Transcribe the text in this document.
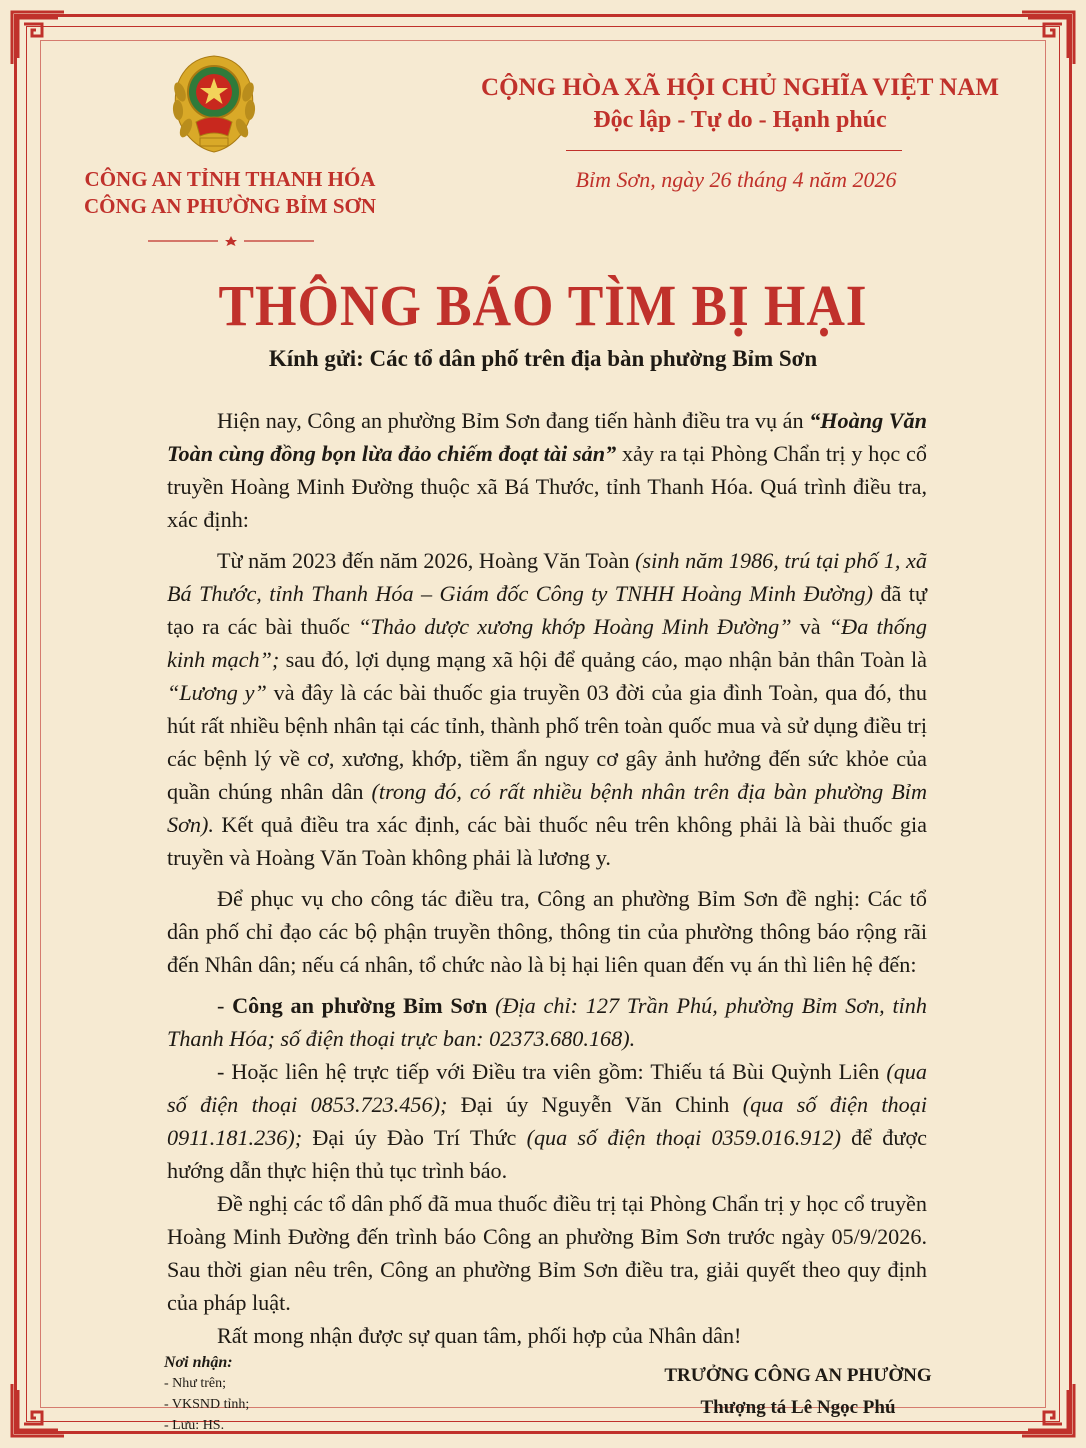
CÔNG AN TỈNH THANH HÓA
CÔNG AN PHƯỜNG BỈM SƠN
CỘNG HÒA XÃ HỘI CHỦ NGHĨA VIỆT NAM
Độc lập - Tự do - Hạnh phúc
Bỉm Sơn, ngày 26 tháng 4 năm 2026
THÔNG BÁO TÌM BỊ HẠI
Kính gửi: Các tổ dân phố trên địa bàn phường Bỉm Sơn

Hiện nay, Công an phường Bỉm Sơn đang tiến hành điều tra vụ án “Hoàng Văn Toàn cùng đồng bọn lừa đảo chiếm đoạt tài sản” xảy ra tại Phòng Chẩn trị y học cổ truyền Hoàng Minh Đường thuộc xã Bá Thước, tỉnh Thanh Hóa. Quá trình điều tra, xác định:

Từ năm 2023 đến năm 2026, Hoàng Văn Toàn (sinh năm 1986, trú tại phố 1, xã Bá Thước, tỉnh Thanh Hóa – Giám đốc Công ty TNHH Hoàng Minh Đường) đã tự tạo ra các bài thuốc “Thảo dược xương khớp Hoàng Minh Đường” và “Đa thống kinh mạch”; sau đó, lợi dụng mạng xã hội để quảng cáo, mạo nhận bản thân Toàn là “Lương y” và đây là các bài thuốc gia truyền 03 đời của gia đình Toàn, qua đó, thu hút rất nhiều bệnh nhân tại các tỉnh, thành phố trên toàn quốc mua và sử dụng điều trị các bệnh lý về cơ, xương, khớp, tiềm ẩn nguy cơ gây ảnh hưởng đến sức khỏe của quần chúng nhân dân (trong đó, có rất nhiều bệnh nhân trên địa bàn phường Bỉm Sơn). Kết quả điều tra xác định, các bài thuốc nêu trên không phải là bài thuốc gia truyền và Hoàng Văn Toàn không phải là lương y.

Để phục vụ cho công tác điều tra, Công an phường Bỉm Sơn đề nghị: Các tổ dân phố chỉ đạo các bộ phận truyền thông, thông tin của phường thông báo rộng rãi đến Nhân dân; nếu cá nhân, tổ chức nào là bị hại liên quan đến vụ án thì liên hệ đến:

- Công an phường Bỉm Sơn (Địa chỉ: 127 Trần Phú, phường Bỉm Sơn, tỉnh Thanh Hóa; số điện thoại trực ban: 02373.680.168).

- Hoặc liên hệ trực tiếp với Điều tra viên gồm: Thiếu tá Bùi Quỳnh Liên (qua số điện thoại 0853.723.456); Đại úy Nguyễn Văn Chinh (qua số điện thoại 0911.181.236); Đại úy Đào Trí Thức (qua số điện thoại 0359.016.912) để được hướng dẫn thực hiện thủ tục trình báo.

Đề nghị các tổ dân phố đã mua thuốc điều trị tại Phòng Chẩn trị y học cổ truyền Hoàng Minh Đường đến trình báo Công an phường Bỉm Sơn trước ngày 05/9/2026. Sau thời gian nêu trên, Công an phường Bỉm Sơn điều tra, giải quyết theo quy định của pháp luật.

Rất mong nhận được sự quan tâm, phối hợp của Nhân dân!

Nơi nhận:
- Như trên;
- VKSND tỉnh;
- Lưu: HS.
TRƯỞNG CÔNG AN PHƯỜNG
Thượng tá Lê Ngọc Phú
